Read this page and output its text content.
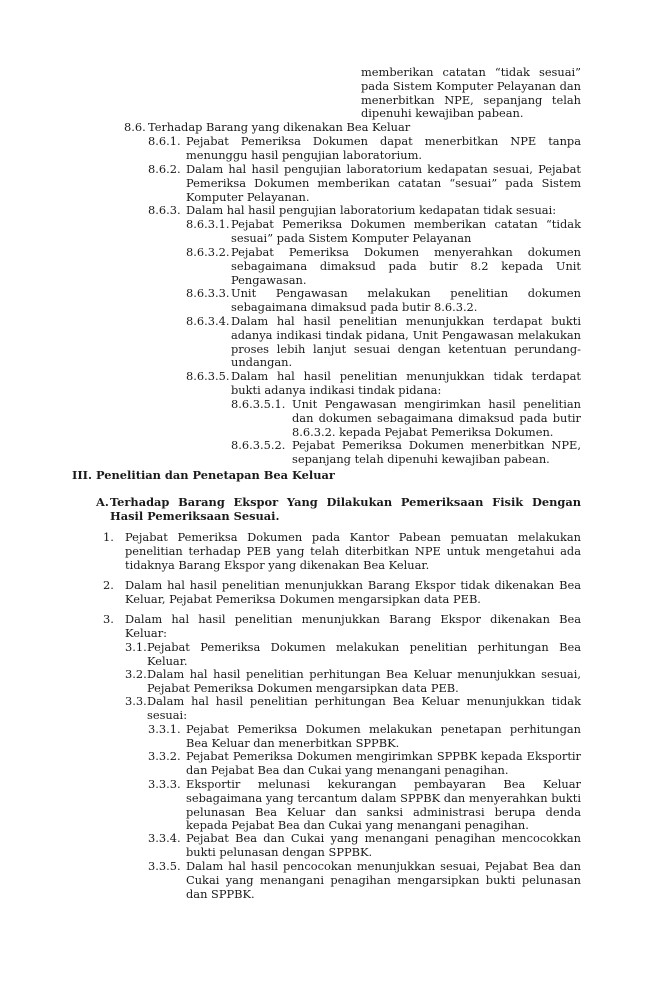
memberikan catatan “tidak sesuai” pada Sistem Komputer Pelayanan dan menerbitkan NPE, sepanjang telah dipenuhi kewajiban pabean.
8.6. Terhadap Barang yang dikenakan Bea Keluar
8.6.1. Pejabat Pemeriksa Dokumen dapat menerbitkan NPE tanpa menunggu hasil pengujian laboratorium.
8.6.2. Dalam hal hasil pengujian laboratorium kedapatan sesuai, Pejabat Pemeriksa Dokumen memberikan catatan “sesuai” pada Sistem Komputer Pelayanan.
8.6.3. Dalam hal hasil pengujian laboratorium kedapatan tidak sesuai:
8.6.3.1. Pejabat Pemeriksa Dokumen memberikan catatan “tidak sesuai” pada Sistem Komputer Pelayanan
8.6.3.2. Pejabat Pemeriksa Dokumen menyerahkan dokumen sebagaimana dimaksud pada butir 8.2 kepada Unit Pengawasan.
8.6.3.3. Unit Pengawasan melakukan penelitian dokumen sebagaimana dimaksud pada butir 8.6.3.2.
8.6.3.4. Dalam hal hasil penelitian menunjukkan terdapat bukti adanya indikasi tindak pidana, Unit Pengawasan melakukan proses lebih lanjut sesuai dengan ketentuan perundang-undangan.
8.6.3.5. Dalam hal hasil penelitian menunjukkan tidak terdapat bukti adanya indikasi tindak pidana:
8.6.3.5.1. Unit Pengawasan mengirimkan hasil penelitian dan dokumen sebagaimana dimaksud pada butir 8.6.3.2. kepada Pejabat Pemeriksa Dokumen.
8.6.3.5.2. Pejabat Pemeriksa Dokumen menerbitkan NPE, sepanjang telah dipenuhi kewajiban pabean.
III. Penelitian dan Penetapan Bea Keluar
A. Terhadap Barang Ekspor Yang Dilakukan Pemeriksaan Fisik Dengan Hasil Pemeriksaan Sesuai.
1. Pejabat Pemeriksa Dokumen pada Kantor Pabean pemuatan melakukan penelitian terhadap PEB yang telah diterbitkan NPE untuk mengetahui ada tidaknya Barang Ekspor yang dikenakan Bea Keluar.
2. Dalam hal hasil penelitian menunjukkan Barang Ekspor tidak dikenakan Bea Keluar, Pejabat Pemeriksa Dokumen mengarsipkan data PEB.
3. Dalam hal hasil penelitian menunjukkan Barang Ekspor dikenakan Bea Keluar:
3.1. Pejabat Pemeriksa Dokumen melakukan penelitian perhitungan Bea Keluar.
3.2. Dalam hal hasil penelitian perhitungan Bea Keluar menunjukkan sesuai, Pejabat Pemeriksa Dokumen mengarsipkan data PEB.
3.3. Dalam hal hasil penelitian perhitungan Bea Keluar menunjukkan tidak sesuai:
3.3.1. Pejabat Pemeriksa Dokumen melakukan penetapan perhitungan Bea Keluar dan menerbitkan SPPBK.
3.3.2. Pejabat Pemeriksa Dokumen mengirimkan SPPBK kepada Eksportir dan Pejabat Bea dan Cukai yang menangani penagihan.
3.3.3. Eksportir melunasi kekurangan pembayaran Bea Keluar sebagaimana yang tercantum dalam SPPBK dan menyerahkan bukti pelunasan Bea Keluar dan sanksi administrasi berupa denda kepada Pejabat Bea dan Cukai yang menangani penagihan.
3.3.4. Pejabat Bea dan Cukai yang menangani penagihan mencocokkan bukti pelunasan dengan SPPBK.
3.3.5. Dalam hal hasil pencocokan menunjukkan sesuai, Pejabat Bea dan Cukai yang menangani penagihan mengarsipkan bukti pelunasan dan SPPBK.
